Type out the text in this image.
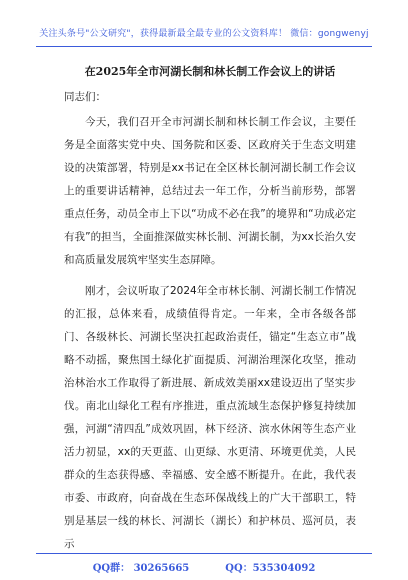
关注头条号"公文研究"，获得最新最全最专业的公文资料库！ 微信：gongwenyj
在2025年全市河湖长制和林长制工作会议上的讲话
同志们：

今天，我们召开全市河湖长制和林长制工作会议，主要任务是全面落实党中央、国务院和区委、区政府关于生态文明建设的决策部署，特别是xx书记在全区林长制河湖长制工作会议上的重要讲话精神，总结过去一年工作，分析当前形势，部署重点任务，动员全市上下以“功成不必在我”的境界和“功成必定有我”的担当，全面推深做实林长制、河湖长制，为xx长治久安和高质量发展筑牢坚实生态屏障。

刚才，会议听取了2024年全市林长制、河湖长制工作情况的汇报，总体来看，成绩值得肯定。一年来，全市各级各部门、各级林长、河湖长坚决扛起政治责任，锚定“生态立市”战略不动摇，聚焦国土绿化扩面提质、河湖治理深化攻坚，推动治林治水工作取得了新进展、新成效美丽xx建设迈出了坚实步伐。南北山绿化工程有序推进，重点流域生态保护修复持续加强，河湖“清四乱”成效巩固，林下经济、滨水休闲等生态产业活力初显，xx的天更蓝、山更绿、水更清、环境更优美，人民群众的生态获得感、幸福感、安全感不断提升。在此，我代表市委、市政府，向奋战在生态环保战线上的广大干部职工，特别是基层一线的林长、河湖长（湖长）和护林员、巡河员，表示

QQ群： 30265665	QQ：535304092
